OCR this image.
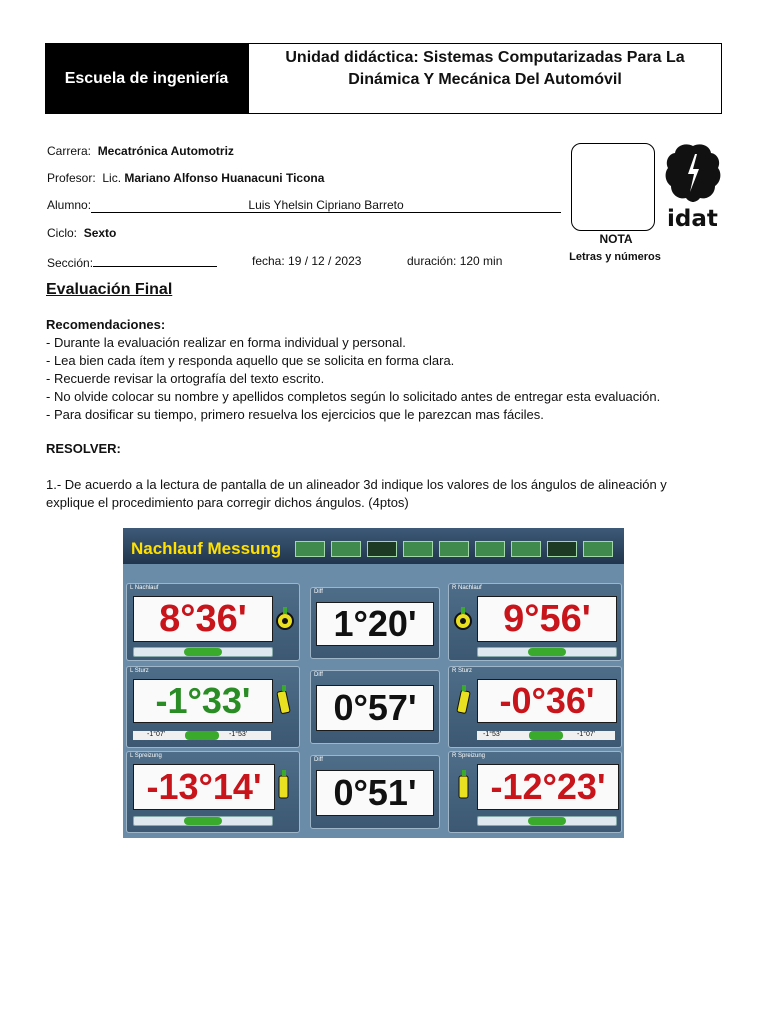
Escuela de ingeniería
Unidad didáctica: Sistemas Computarizadas Para La
Dinámica Y Mecánica Del Automóvil
Carrera: Mecatrónica Automotriz
Profesor: Lic. Mariano Alfonso Huanacuni Ticona
Alumno:	Luis Yhelsin Cipriano Barreto
Ciclo: Sexto
Sección:	fecha: 19 / 12 / 2023	duración: 120 min
NOTA
Letras y números
idat
Evaluación Final
Recomendaciones:
- Durante la evaluación realizar en forma individual y personal.
- Lea bien cada ítem y responda aquello que se solicita en forma clara.
- Recuerde revisar la ortografía del texto escrito.
- No olvide colocar su nombre y apellidos completos según lo solicitado antes de entregar esta evaluación.
- Para dosificar su tiempo, primero resuelva los ejercicios que le parezcan mas fáciles.
RESOLVER:
1.- De acuerdo a la lectura de pantalla de un alineador 3d indique los valores de los ángulos de alineación y
explique el procedimiento para corregir dichos ángulos. (4ptos)
Nachlauf Messung
L Nachlauf
8°36'
Diff
1°20'
R Nachlauf
9°56'
L Sturz
-1°33'
-1°07'	-1°53'
Diff
0°57'
R Sturz
-0°36'
-1°53'	-1°07'
L Spreizung
-13°14'
Diff
0°51'
R Spreizung
-12°23'
